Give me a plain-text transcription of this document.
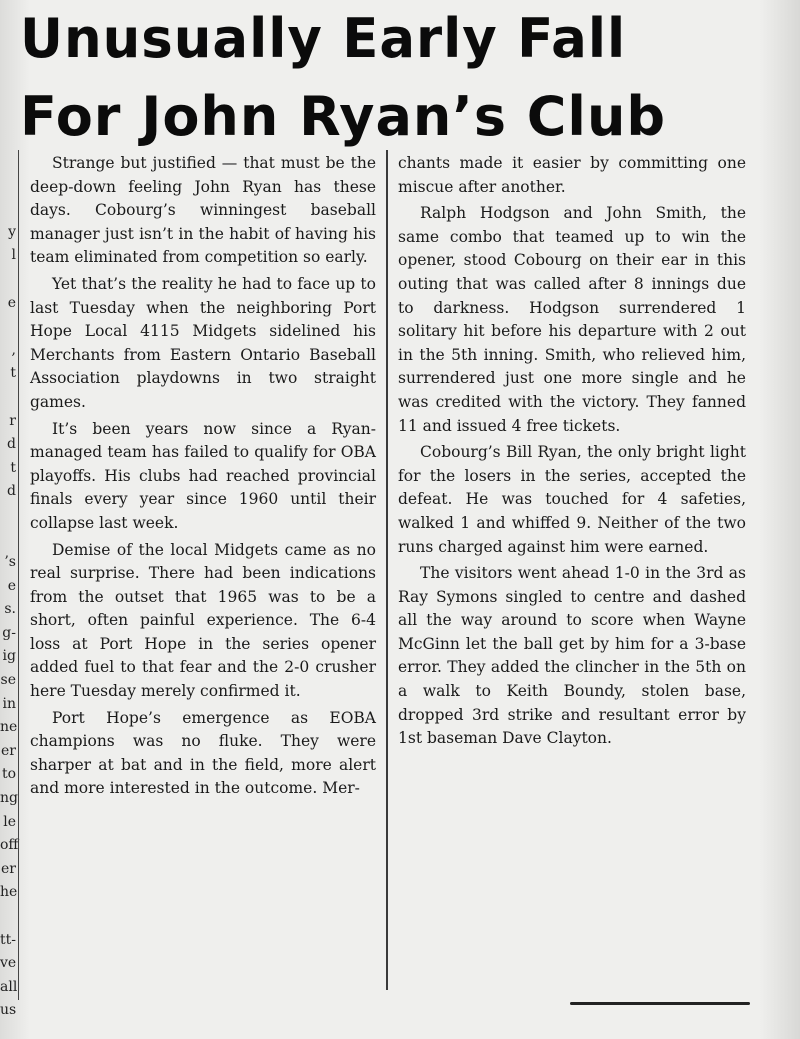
y
l

e

,
t

r
d
t
d

’s
e
s.
g-
ig
se
in
ne
er
to
ng
le
off
er
he

tt-
ve
all
us
Unusually Early Fall
For John Ryan’s Club

Strange but justified — that must be the deep-down feeling John Ryan has these days. Cobourg’s winningest baseball manager just isn’t in the habit of having his team eliminated from competition so early.

Yet that’s the reality he had to face up to last Tuesday when the neighboring Port Hope Local 4115 Midgets sidelined his Merchants from Eastern Ontario Baseball Association playdowns in two straight games.

It’s been years now since a Ryan-managed team has failed to qualify for OBA playoffs. His clubs had reached provincial finals every year since 1960 until their collapse last week.

Demise of the local Midgets came as no real surprise. There had been indications from the outset that 1965 was to be a short, often painful experience. The 6-4 loss at Port Hope in the series opener added fuel to that fear and the 2-0 crusher here Tuesday merely confirmed it.

Port Hope’s emergence as EOBA champions was no fluke. They were sharper at bat and in the field, more alert and more interested in the outcome. Mer-

chants made it easier by committing one miscue after another.

Ralph Hodgson and John Smith, the same combo that teamed up to win the opener, stood Cobourg on their ear in this outing that was called after 8 innings due to darkness. Hodgson surrendered 1 solitary hit before his departure with 2 out in the 5th inning. Smith, who relieved him, surrendered just one more single and he was credited with the victory. They fanned 11 and issued 4 free tickets.

Cobourg’s Bill Ryan, the only bright light for the losers in the series, accepted the defeat. He was touched for 4 safeties, walked 1 and whiffed 9. Neither of the two runs charged against him were earned.

The visitors went ahead 1-0 in the 3rd as Ray Symons singled to centre and dashed all the way around to score when Wayne McGinn let the ball get by him for a 3-base error. They added the clincher in the 5th on a walk to Keith Boundy, stolen base, dropped 3rd strike and resultant error by 1st baseman Dave Clayton.
